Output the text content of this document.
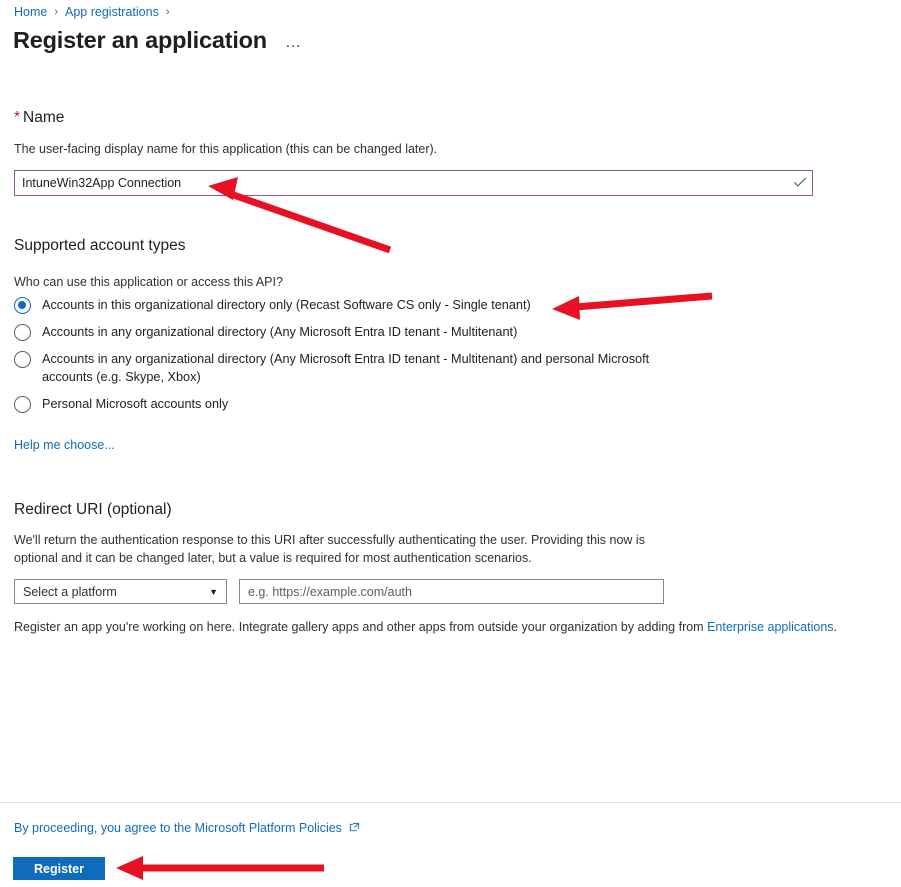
Home › App registrations ›
Register an application …
* Name
The user-facing display name for this application (this can be changed later).
IntuneWin32App Connection
Supported account types
Who can use this application or access this API?
Accounts in this organizational directory only (Recast Software CS only - Single tenant)
Accounts in any organizational directory (Any Microsoft Entra ID tenant - Multitenant)
Accounts in any organizational directory (Any Microsoft Entra ID tenant - Multitenant) and personal Microsoft accounts (e.g. Skype, Xbox)
Personal Microsoft accounts only
Help me choose...
Redirect URI (optional)
We'll return the authentication response to this URI after successfully authenticating the user. Providing this now is optional and it can be changed later, but a value is required for most authentication scenarios.
Select a platform	▼
e.g. https://example.com/auth
Register an app you're working on here. Integrate gallery apps and other apps from outside your organization by adding from Enterprise applications.
By proceeding, you agree to the Microsoft Platform Policies
Register
